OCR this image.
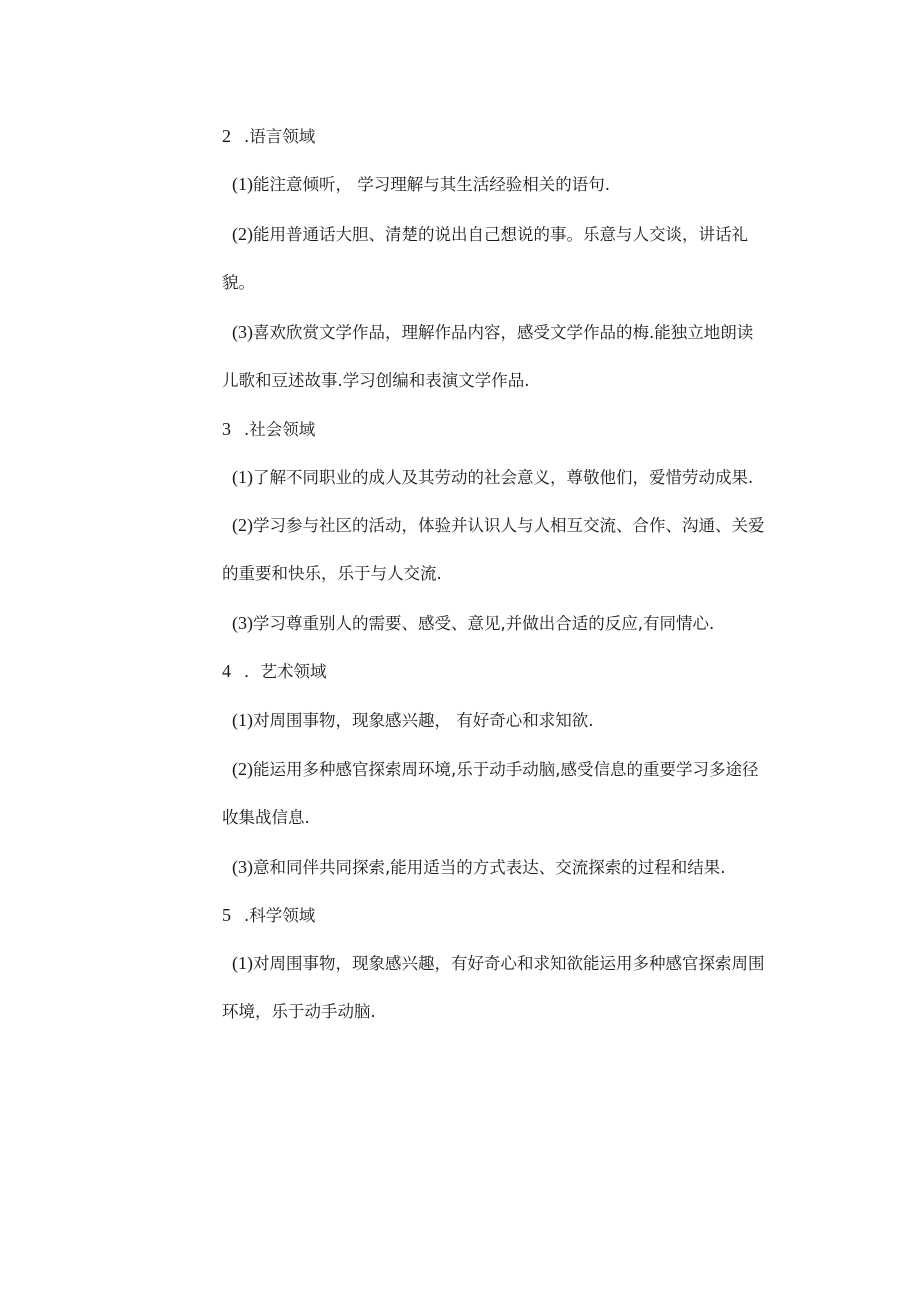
2 .语言领域
(1)能注意倾听， 学习理解与其生活经验相关的语句.
(2)能用普通话大胆、清楚的说出自己想说的事。乐意与人交谈，讲话礼
貌。
(3)喜欢欣赏文学作品，理解作品内容，感受文学作品的梅.能独立地朗读
儿歌和豆述故事.学习创编和表演文学作品.
3 .社会领域
(1)了解不同职业的成人及其劳动的社会意义，尊敬他们，爱惜劳动成果.
(2)学习参与社区的活动，体验并认识人与人相互交流、合作、沟通、关爱
的重要和快乐，乐于与人交流.
(3)学习尊重别人的需要、感受、意见,并做出合适的反应,有同情心.
4 ．艺术领域
(1)对周围事物，现象感兴趣， 有好奇心和求知欲.
(2)能运用多种感官探索周环境,乐于动手动脑,感受信息的重要学习多途径
收集战信息.
(3)意和同伴共同探索,能用适当的方式表达、交流探索的过程和结果.
5 .科学领域
(1)对周围事物，现象感兴趣，有好奇心和求知欲能运用多种感官探索周围
环境，乐于动手动脑.
